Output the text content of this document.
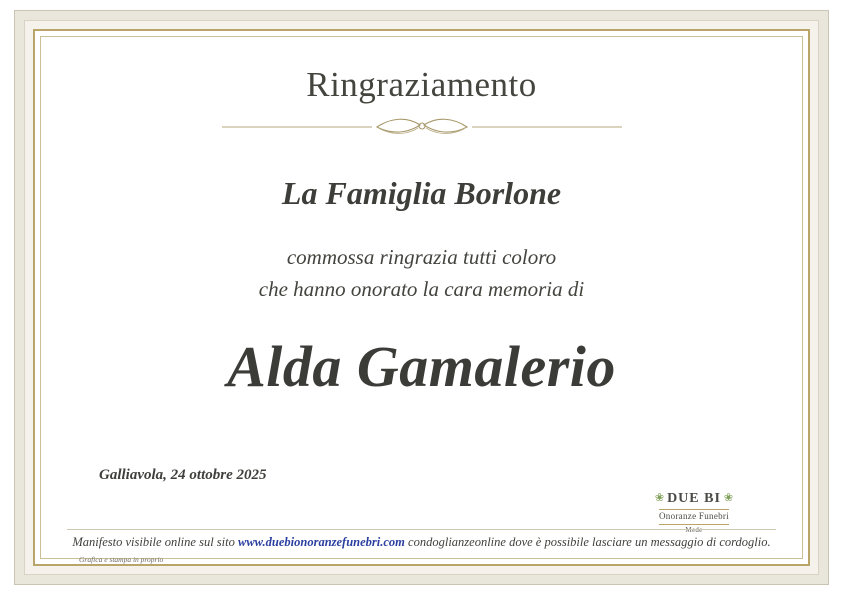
Ringraziamento
La Famiglia Borlone
commossa ringrazia tutti coloro
che hanno onorato la cara memoria di
Alda Gamalerio
Galliavola, 24 ottobre 2025
❀ DUE BI ❀
Onoranze Funebri
Manifesto visibile online sul sito www.duebionoranzefunebri.com condoglianzeonline dove è possibile lasciare un messaggio di cordoglio.
Grafica e stampa in proprio
